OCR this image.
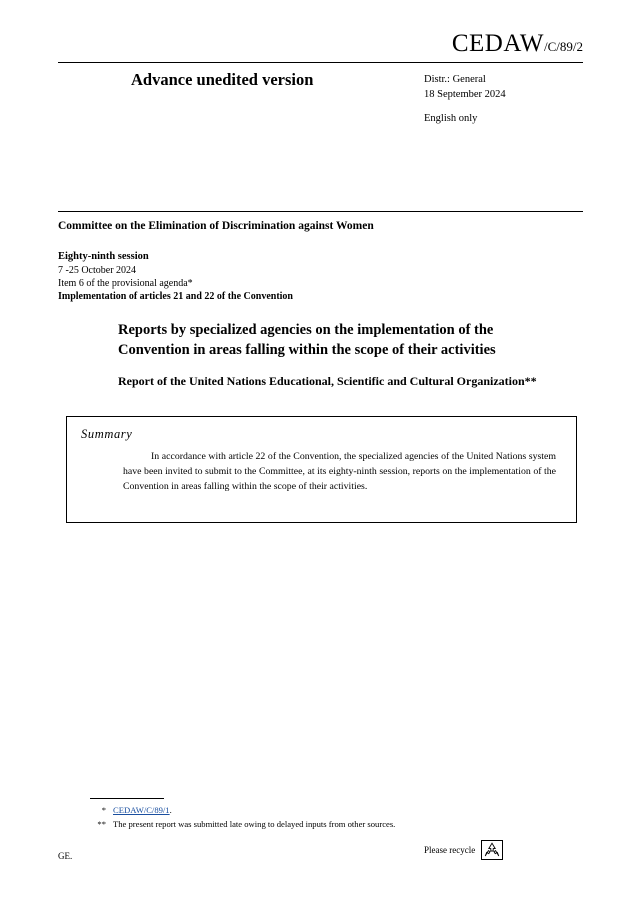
CEDAW/C/89/2
Advance unedited version	Distr.: General
18 September 2024
English only
Committee on the Elimination of Discrimination against Women
Eighty-ninth session
7 -25 October 2024
Item 6 of the provisional agenda*
Implementation of articles 21 and 22 of the Convention
Reports by specialized agencies on the implementation of the Convention in areas falling within the scope of their activities
Report of the United Nations Educational, Scientific and Cultural Organization**
Summary
In accordance with article 22 of the Convention, the specialized agencies of the United Nations system have been invited to submit to the Committee, at its eighty-ninth session, reports on the implementation of the Convention in areas falling within the scope of their activities.
* CEDAW/C/89/1.
** The present report was submitted late owing to delayed inputs from other sources.
GE.
Please recycle
